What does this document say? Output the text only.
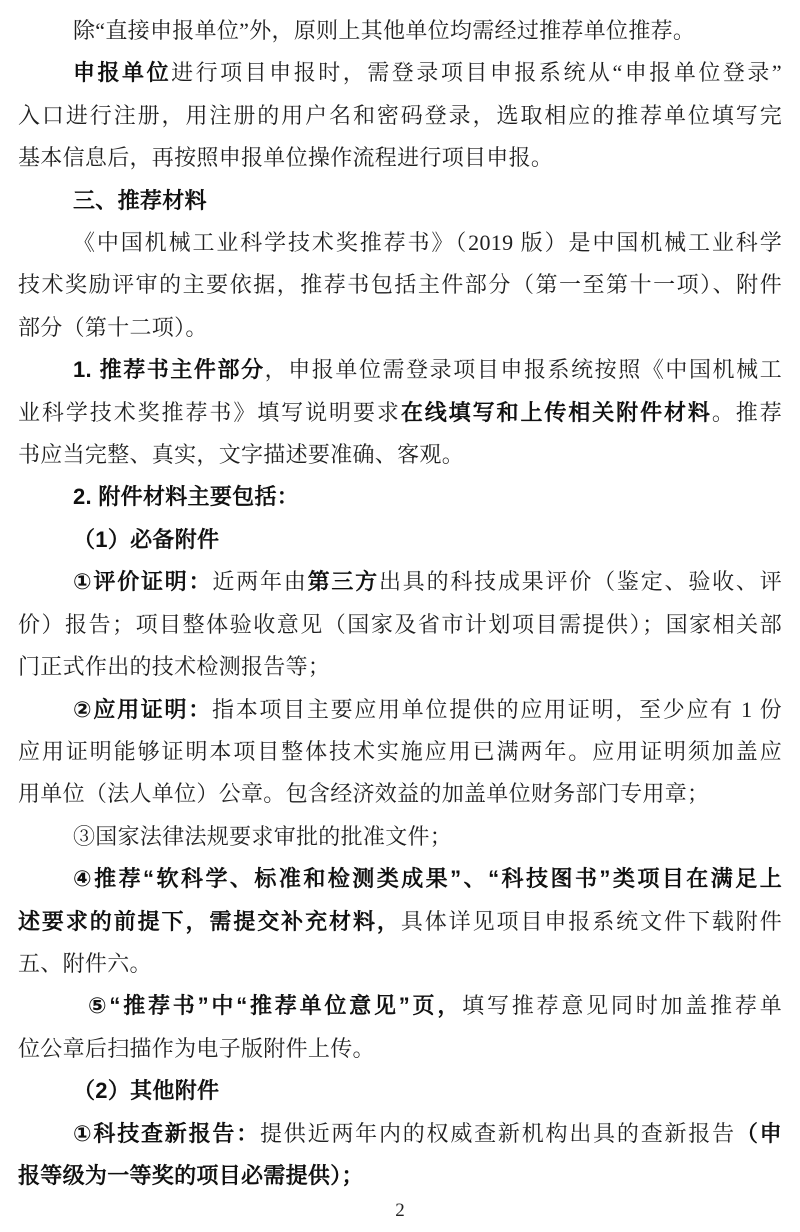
除“直接申报单位”外，原则上其他单位均需经过推荐单位推荐。
申报单位进行项目申报时，需登录项目申报系统从“申报单位登录”
入口进行注册，用注册的用户名和密码登录，选取相应的推荐单位填写完
基本信息后，再按照申报单位操作流程进行项目申报。
三、推荐材料
《中国机械工业科学技术奖推荐书》（2019 版）是中国机械工业科学
技术奖励评审的主要依据，推荐书包括主件部分（第一至第十一项）、附件
部分（第十二项）。
1. 推荐书主件部分，申报单位需登录项目申报系统按照《中国机械工
业科学技术奖推荐书》填写说明要求在线填写和上传相关附件材料。推荐
书应当完整、真实，文字描述要准确、客观。
2. 附件材料主要包括：
（1）必备附件
①评价证明：近两年由第三方出具的科技成果评价（鉴定、验收、评
价）报告；项目整体验收意见（国家及省市计划项目需提供）；国家相关部
门正式作出的技术检测报告等；
②应用证明：指本项目主要应用单位提供的应用证明，至少应有 1 份
应用证明能够证明本项目整体技术实施应用已满两年。应用证明须加盖应
用单位（法人单位）公章。包含经济效益的加盖单位财务部门专用章；
③国家法律法规要求审批的批准文件；
④推荐“软科学、标准和检测类成果”、“科技图书”类项目在满足上
述要求的前提下，需提交补充材料，具体详见项目申报系统文件下载附件
五、附件六。
⑤“推荐书”中“推荐单位意见”页，填写推荐意见同时加盖推荐单
位公章后扫描作为电子版附件上传。
（2）其他附件
①科技查新报告：提供近两年内的权威查新机构出具的查新报告（申
报等级为一等奖的项目必需提供）；
2
